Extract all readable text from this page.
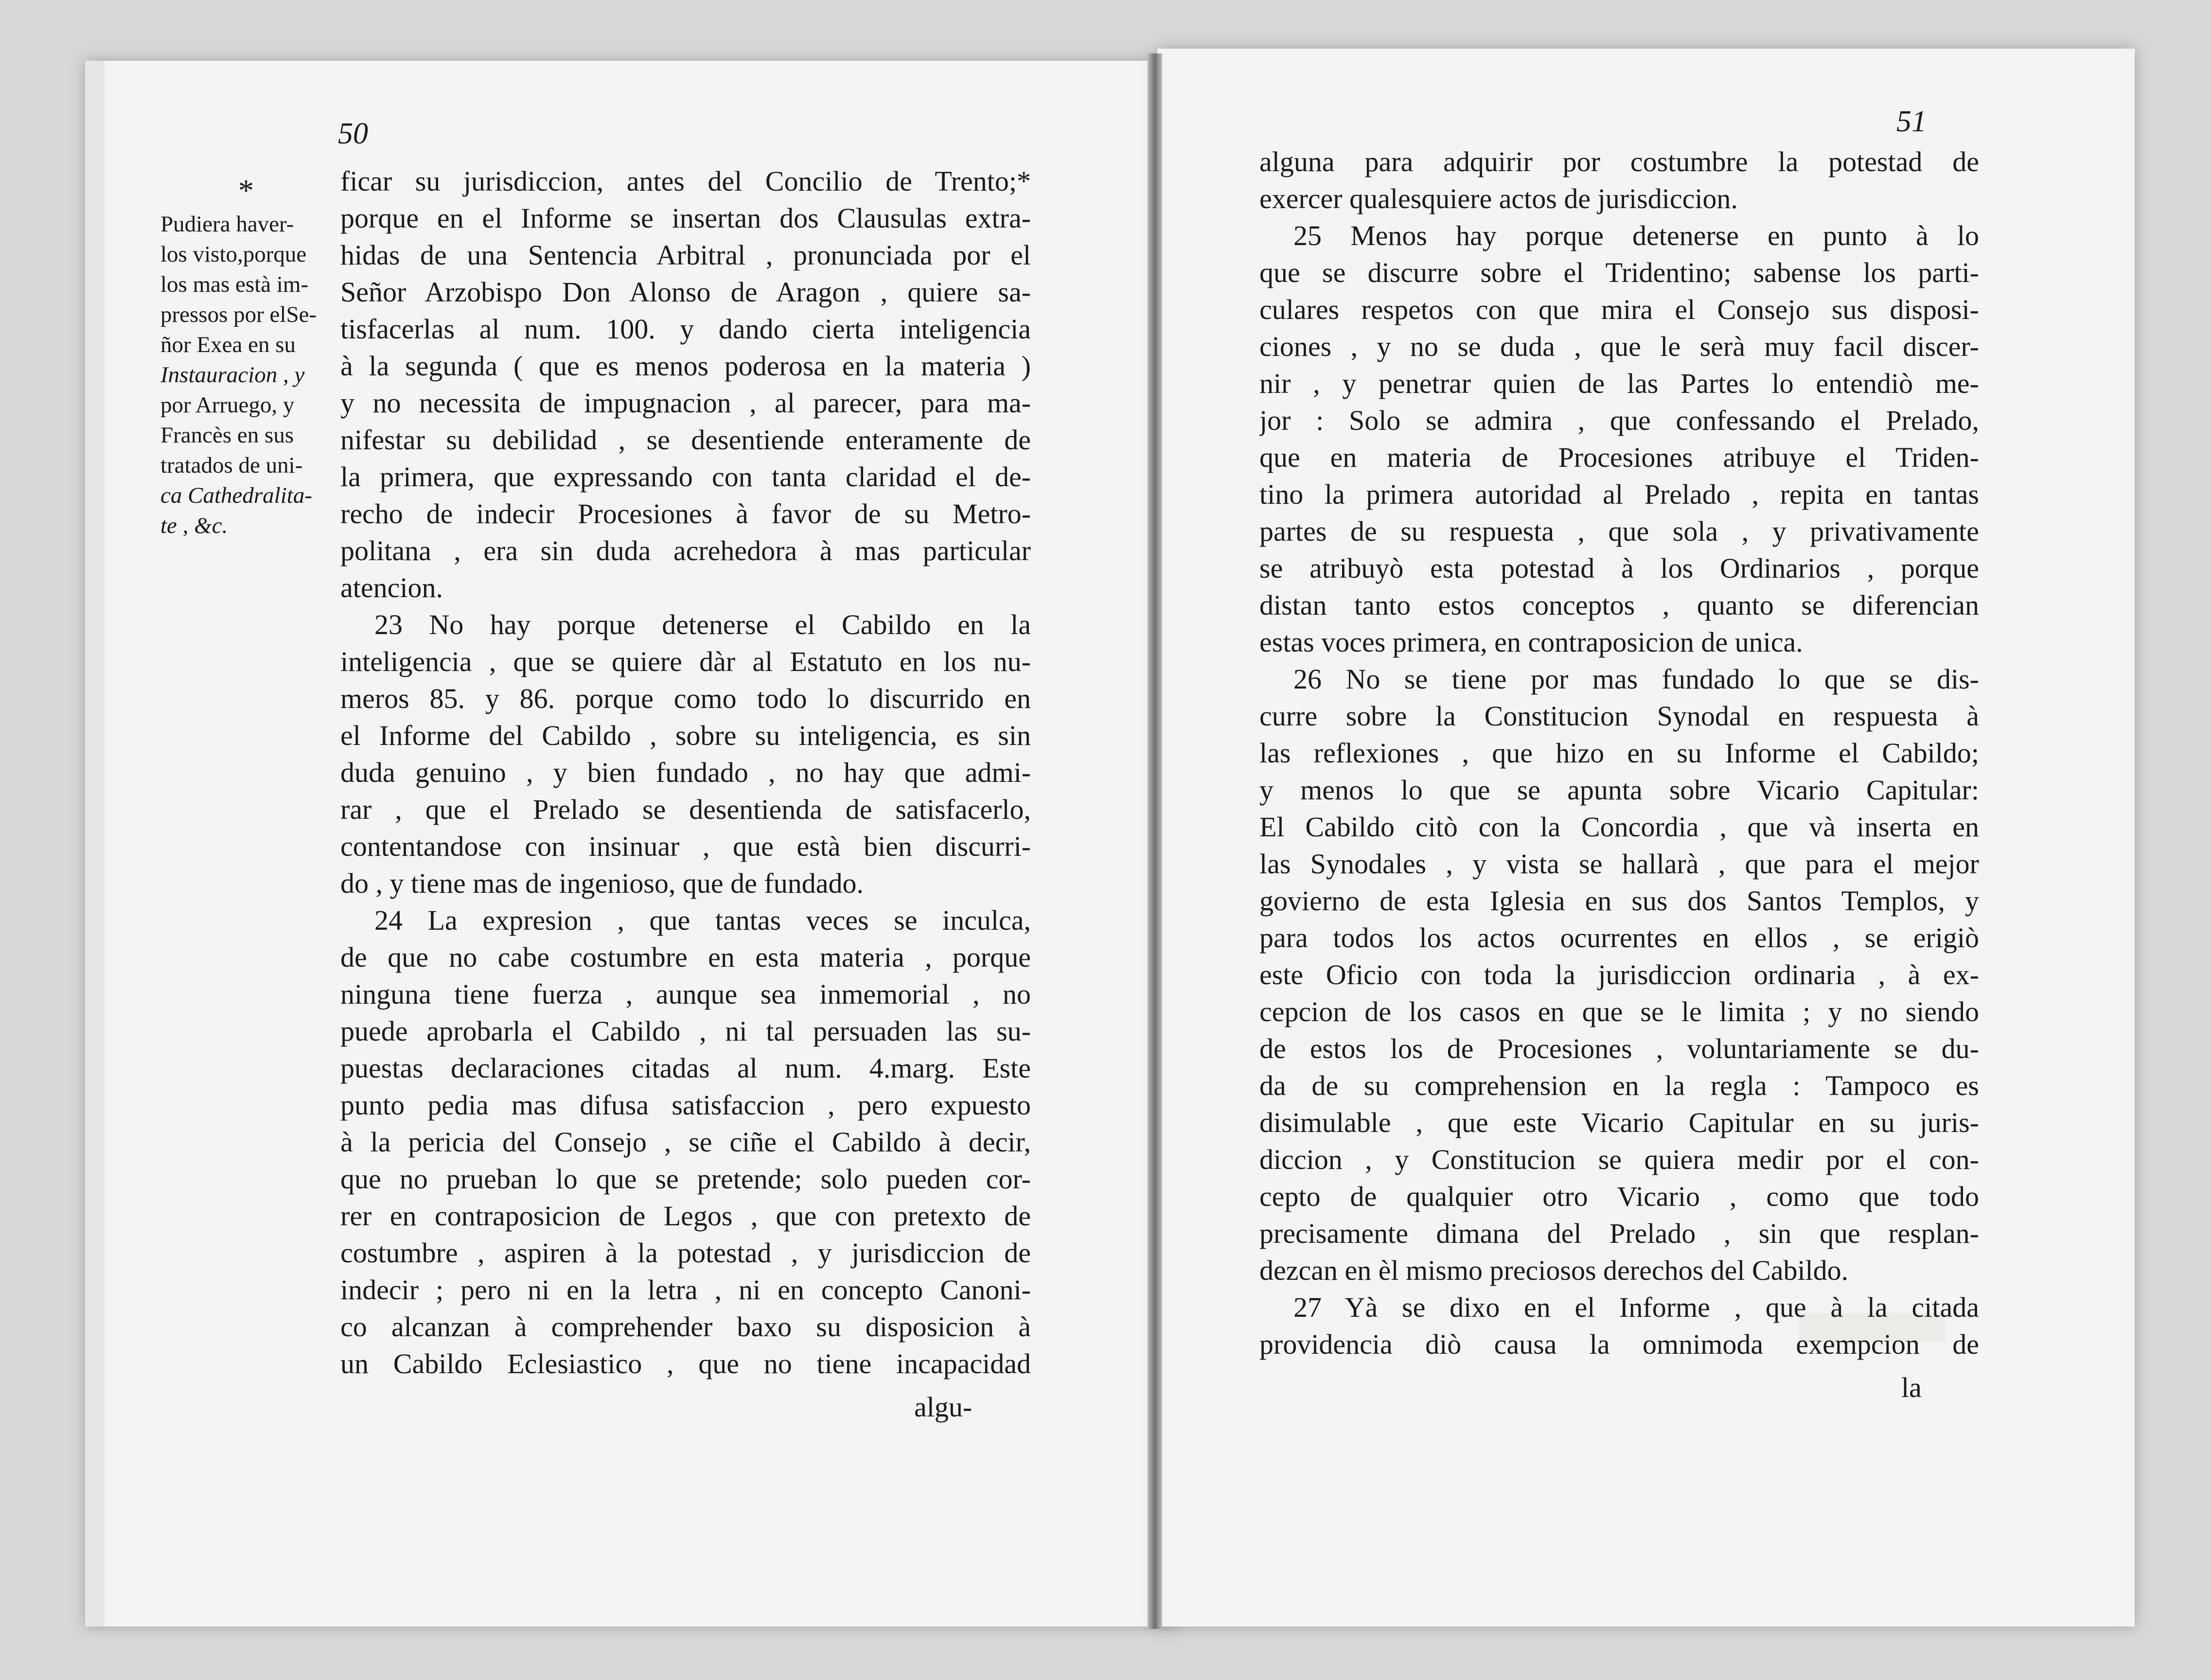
50	51
*
Pudiera haver-
los visto,porque
los mas està im-
pressos por elSe-
ñor Exea en su
Instauracion , y
por Arruego, y
Francès en sus
tratados de uni-
ca Cathedralita-
te , &c.
ficar su jurisdiccion, antes del Concilio de Trento;*
porque en el Informe se insertan dos Clausulas extra-
hidas de una Sentencia Arbitral , pronunciada por el
Señor Arzobispo Don Alonso de Aragon , quiere sa-
tisfacerlas al num. 100. y dando cierta inteligencia
à la segunda ( que es menos poderosa en la materia )
y no necessita de impugnacion , al parecer, para ma-
nifestar su debilidad , se desentiende enteramente de
la primera, que expressando con tanta claridad el de-
recho de indecir Procesiones à favor de su Metro-
politana , era sin duda acrehedora à mas particular
atencion.
23 No hay porque detenerse el Cabildo en la
inteligencia , que se quiere dàr al Estatuto en los nu-
meros 85. y 86. porque como todo lo discurrido en
el Informe del Cabildo , sobre su inteligencia, es sin
duda genuino , y bien fundado , no hay que admi-
rar , que el Prelado se desentienda de satisfacerlo,
contentandose con insinuar , que està bien discurri-
do , y tiene mas de ingenioso, que de fundado.
24 La expresion , que tantas veces se inculca,
de que no cabe costumbre en esta materia , porque
ninguna tiene fuerza , aunque sea inmemorial , no
puede aprobarla el Cabildo , ni tal persuaden las su-
puestas declaraciones citadas al num. 4.marg. Este
punto pedia mas difusa satisfaccion , pero expuesto
à la pericia del Consejo , se ciñe el Cabildo à decir,
que no prueban lo que se pretende; solo pueden cor-
rer en contraposicion de Legos , que con pretexto de
costumbre , aspiren à la potestad , y jurisdiccion de
indecir ; pero ni en la letra , ni en concepto Canoni-
co alcanzan à comprehender baxo su disposicion à
un Cabildo Eclesiastico , que no tiene incapacidad
algu-
alguna para adquirir por costumbre la potestad de
exercer qualesquiere actos de jurisdiccion.
25 Menos hay porque detenerse en punto à lo
que se discurre sobre el Tridentino; sabense los parti-
culares respetos con que mira el Consejo sus disposi-
ciones , y no se duda , que le serà muy facil discer-
nir , y penetrar quien de las Partes lo entendiò me-
jor : Solo se admira , que confessando el Prelado,
que en materia de Procesiones atribuye el Triden-
tino la primera autoridad al Prelado , repita en tantas
partes de su respuesta , que sola , y privativamente
se atribuyò esta potestad à los Ordinarios , porque
distan tanto estos conceptos , quanto se diferencian
estas voces primera, en contraposicion de unica.
26 No se tiene por mas fundado lo que se dis-
curre sobre la Constitucion Synodal en respuesta à
las reflexiones , que hizo en su Informe el Cabildo;
y menos lo que se apunta sobre Vicario Capitular:
El Cabildo citò con la Concordia , que và inserta en
las Synodales , y vista se hallarà , que para el mejor
govierno de esta Iglesia en sus dos Santos Templos, y
para todos los actos ocurrentes en ellos , se erigiò
este Oficio con toda la jurisdiccion ordinaria , à ex-
cepcion de los casos en que se le limita ; y no siendo
de estos los de Procesiones , voluntariamente se du-
da de su comprehension en la regla : Tampoco es
disimulable , que este Vicario Capitular en su juris-
diccion , y Constitucion se quiera medir por el con-
cepto de qualquier otro Vicario , como que todo
precisamente dimana del Prelado , sin que resplan-
dezcan en èl mismo preciosos derechos del Cabildo.
27 Yà se dixo en el Informe , que à la citada
providencia diò causa la omnimoda exempcion de
la
